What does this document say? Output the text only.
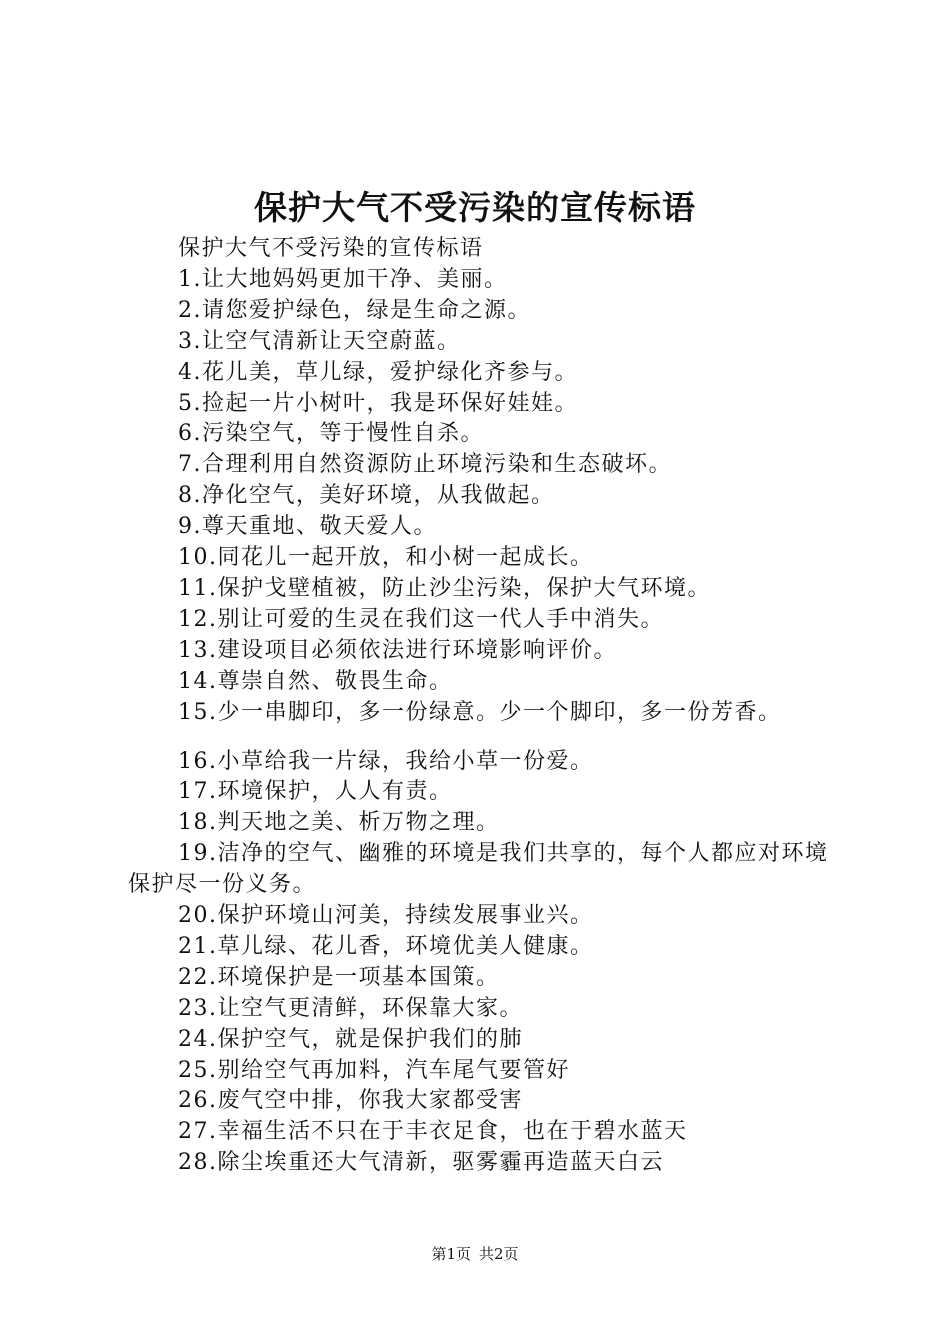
保护大气不受污染的宣传标语

保护大气不受污染的宣传标语

1.让大地妈妈更加干净、美丽。

2.请您爱护绿色，绿是生命之源。

3.让空气清新让天空蔚蓝。

4.花儿美，草儿绿，爱护绿化齐参与。

5.捡起一片小树叶，我是环保好娃娃。

6.污染空气，等于慢性自杀。

7.合理利用自然资源防止环境污染和生态破坏。

8.净化空气，美好环境，从我做起。

9.尊天重地、敬天爱人。

10.同花儿一起开放，和小树一起成长。

11.保护戈壁植被，防止沙尘污染，保护大气环境。

12.别让可爱的生灵在我们这一代人手中消失。

13.建设项目必须依法进行环境影响评价。

14.尊崇自然、敬畏生命。

15.少一串脚印，多一份绿意。少一个脚印，多一份芳香。

16.小草给我一片绿，我给小草一份爱。

17.环境保护，人人有责。

18.判天地之美、析万物之理。

19.洁净的空气、幽雅的环境是我们共享的，每个人都应对环境保护尽一份义务。

20.保护环境山河美，持续发展事业兴。

21.草儿绿、花儿香，环境优美人健康。

22.环境保护是一项基本国策。

23.让空气更清鲜，环保靠大家。

24.保护空气，就是保护我们的肺

25.别给空气再加料，汽车尾气要管好

26.废气空中排，你我大家都受害

27.幸福生活不只在于丰衣足食，也在于碧水蓝天

28.除尘埃重还大气清新，驱雾霾再造蓝天白云

第1页 共2页
